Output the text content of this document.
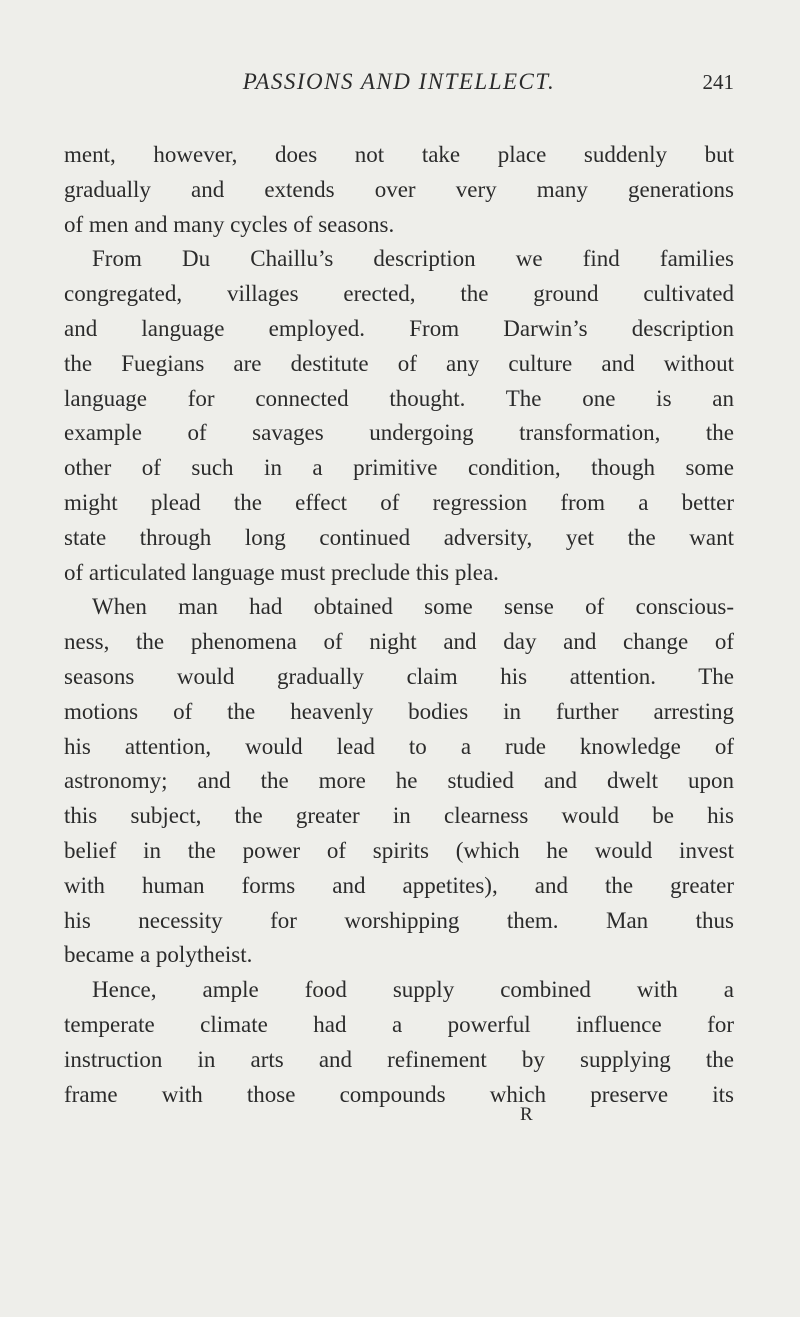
PASSIONS AND INTELLECT.	241
ment, however, does not take place suddenly but
gradually and extends over very many generations
of men and many cycles of seasons.
From Du Chaillu’s description we find families
congregated, villages erected, the ground cultivated
and language employed. From Darwin’s description
the Fuegians are destitute of any culture and without
language for connected thought. The one is an
example of savages undergoing transformation, the
other of such in a primitive condition, though some
might plead the effect of regression from a better
state through long continued adversity, yet the want
of articulated language must preclude this plea.
When man had obtained some sense of conscious-
ness, the phenomena of night and day and change of
seasons would gradually claim his attention. The
motions of the heavenly bodies in further arresting
his attention, would lead to a rude knowledge of
astronomy; and the more he studied and dwelt upon
this subject, the greater in clearness would be his
belief in the power of spirits (which he would invest
with human forms and appetites), and the greater
his necessity for worshipping them. Man thus
became a polytheist.
Hence, ample food supply combined with a
temperate climate had a powerful influence for
instruction in arts and refinement by supplying the
frame with those compounds which preserve its
R
